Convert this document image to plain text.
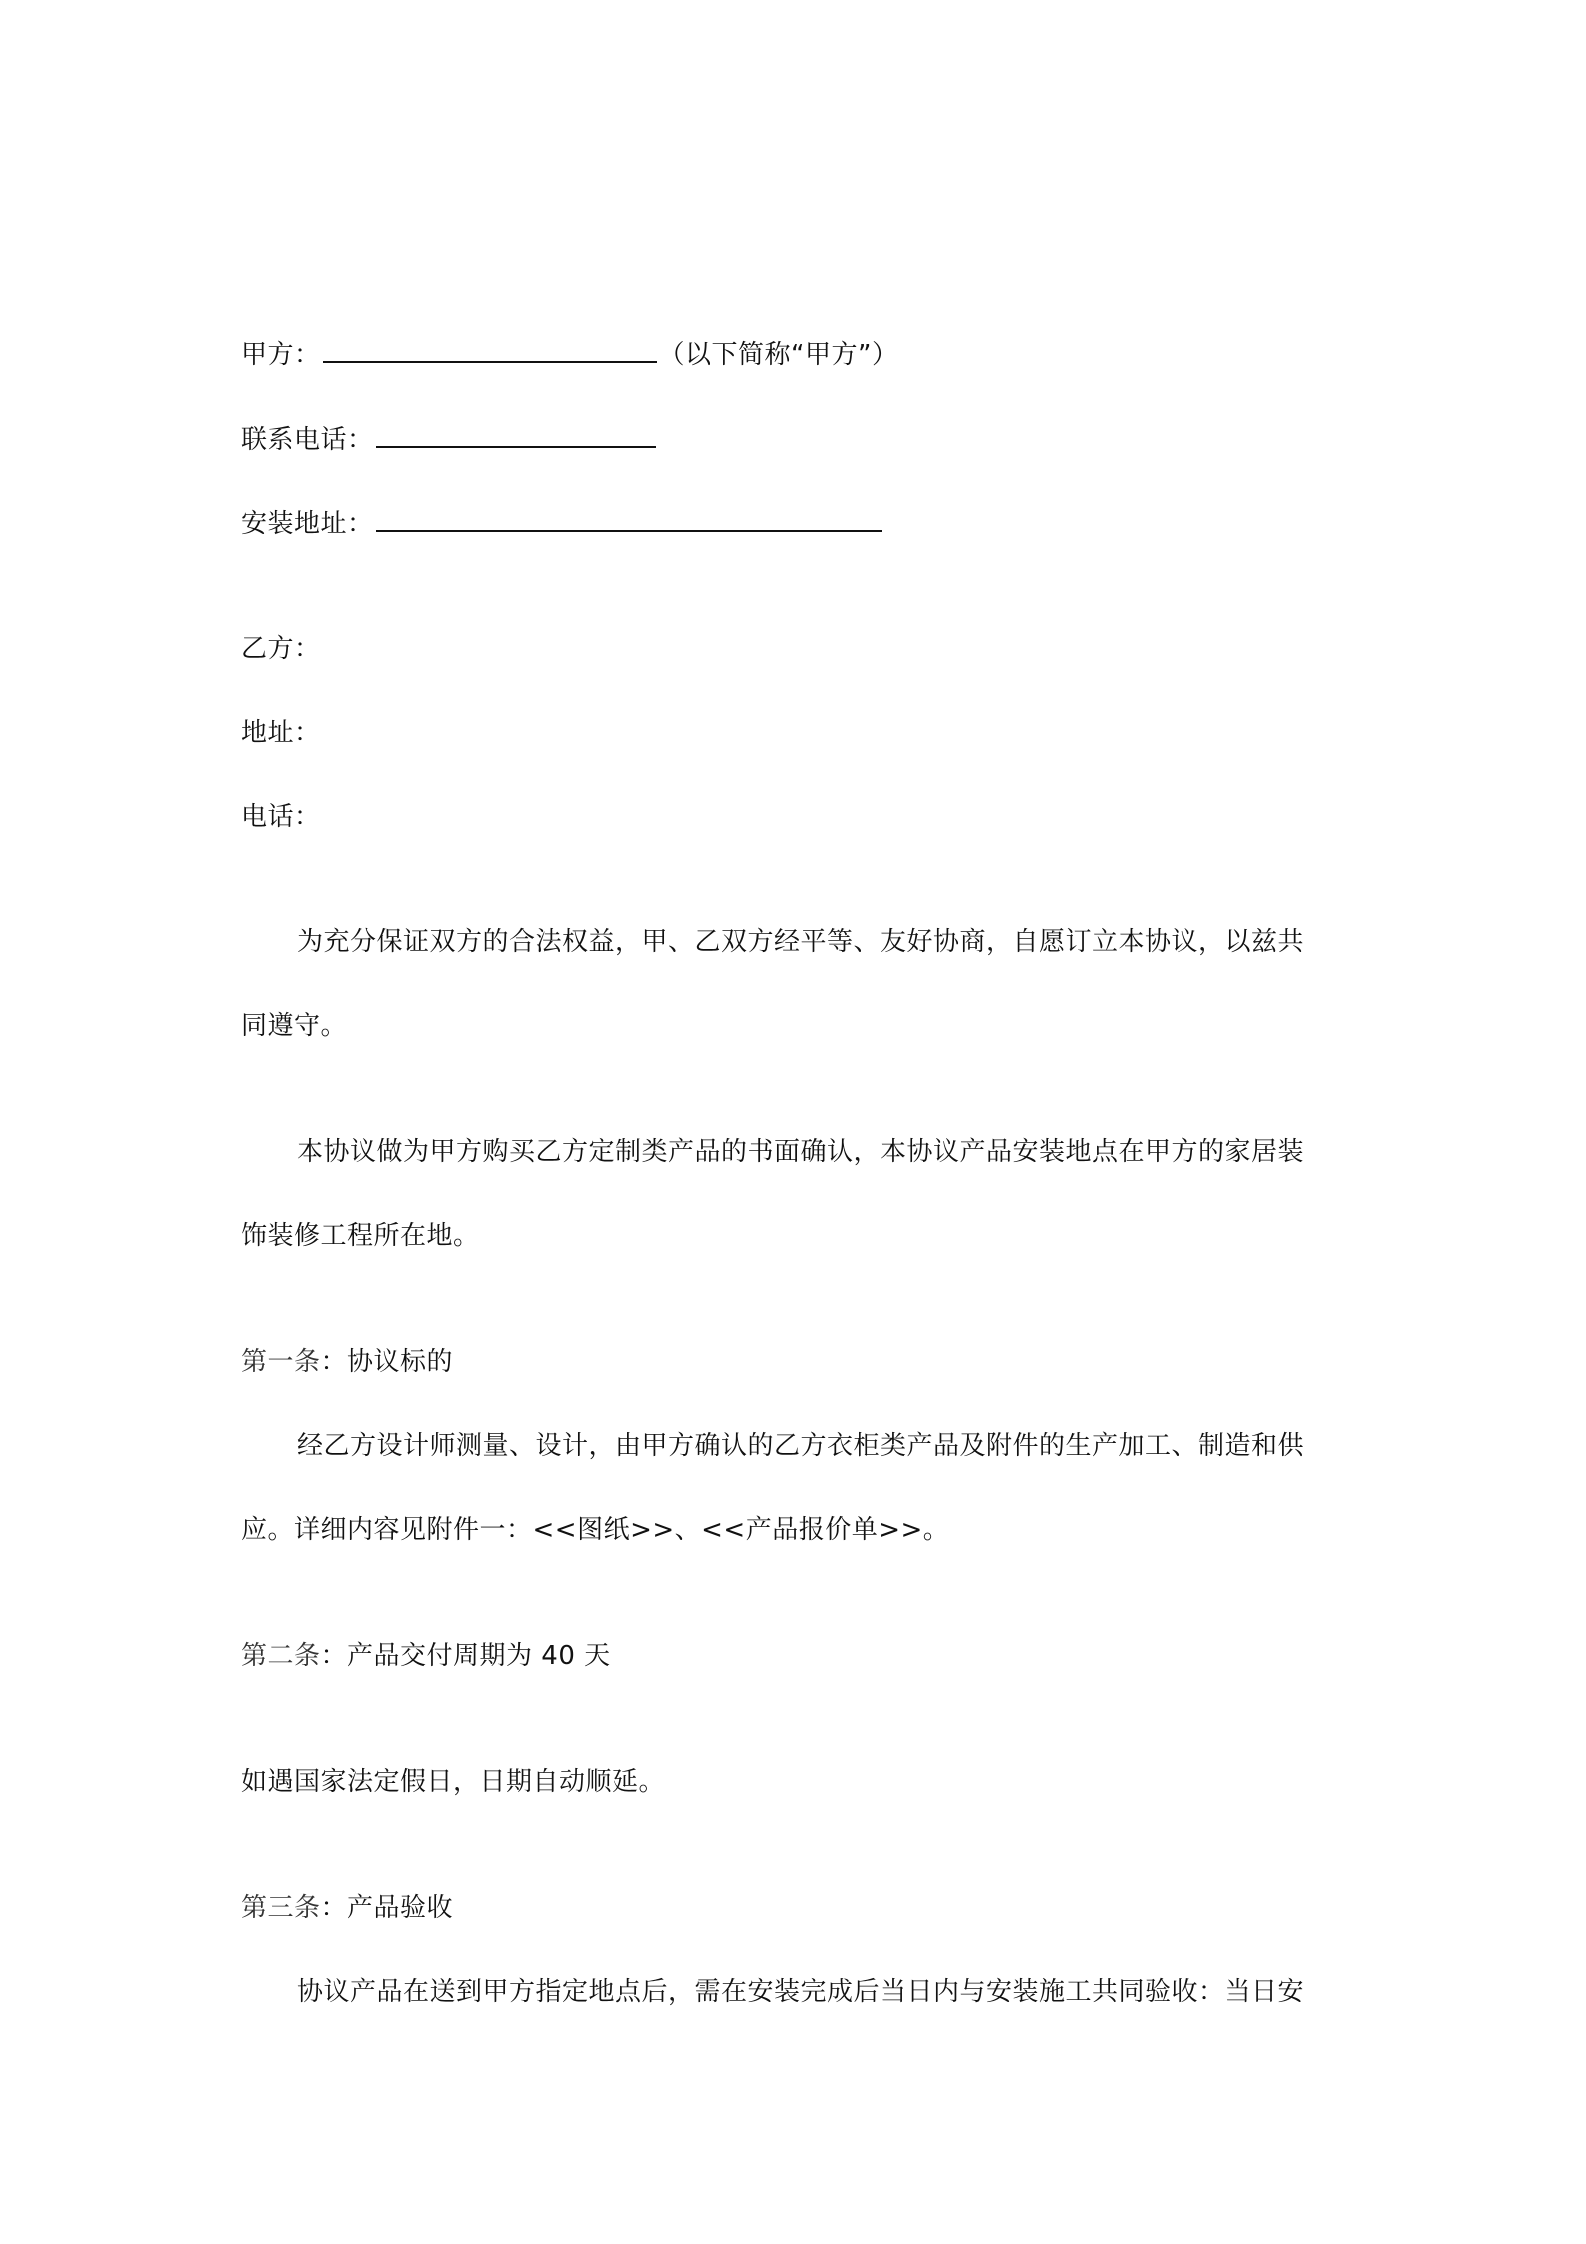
甲方：	（以下简称“甲方”）
联系电话：
安装地址：
乙方：
地址：
电话：
为充分保证双方的合法权益，甲、乙双方经平等、友好协商，自愿订立本协议，以兹共
同遵守。
本协议做为甲方购买乙方定制类产品的书面确认，本协议产品安装地点在甲方的家居装
饰装修工程所在地。
第一条：协议标的
经乙方设计师测量、设计，由甲方确认的乙方衣柜类产品及附件的生产加工、制造和供
应。详细内容见附件一：<<图纸>>、<<产品报价单>>。
第二条：产品交付周期为 40 天
如遇国家法定假日，日期自动顺延。
第三条：产品验收
协议产品在送到甲方指定地点后，需在安装完成后当日内与安装施工共同验收：当日安
